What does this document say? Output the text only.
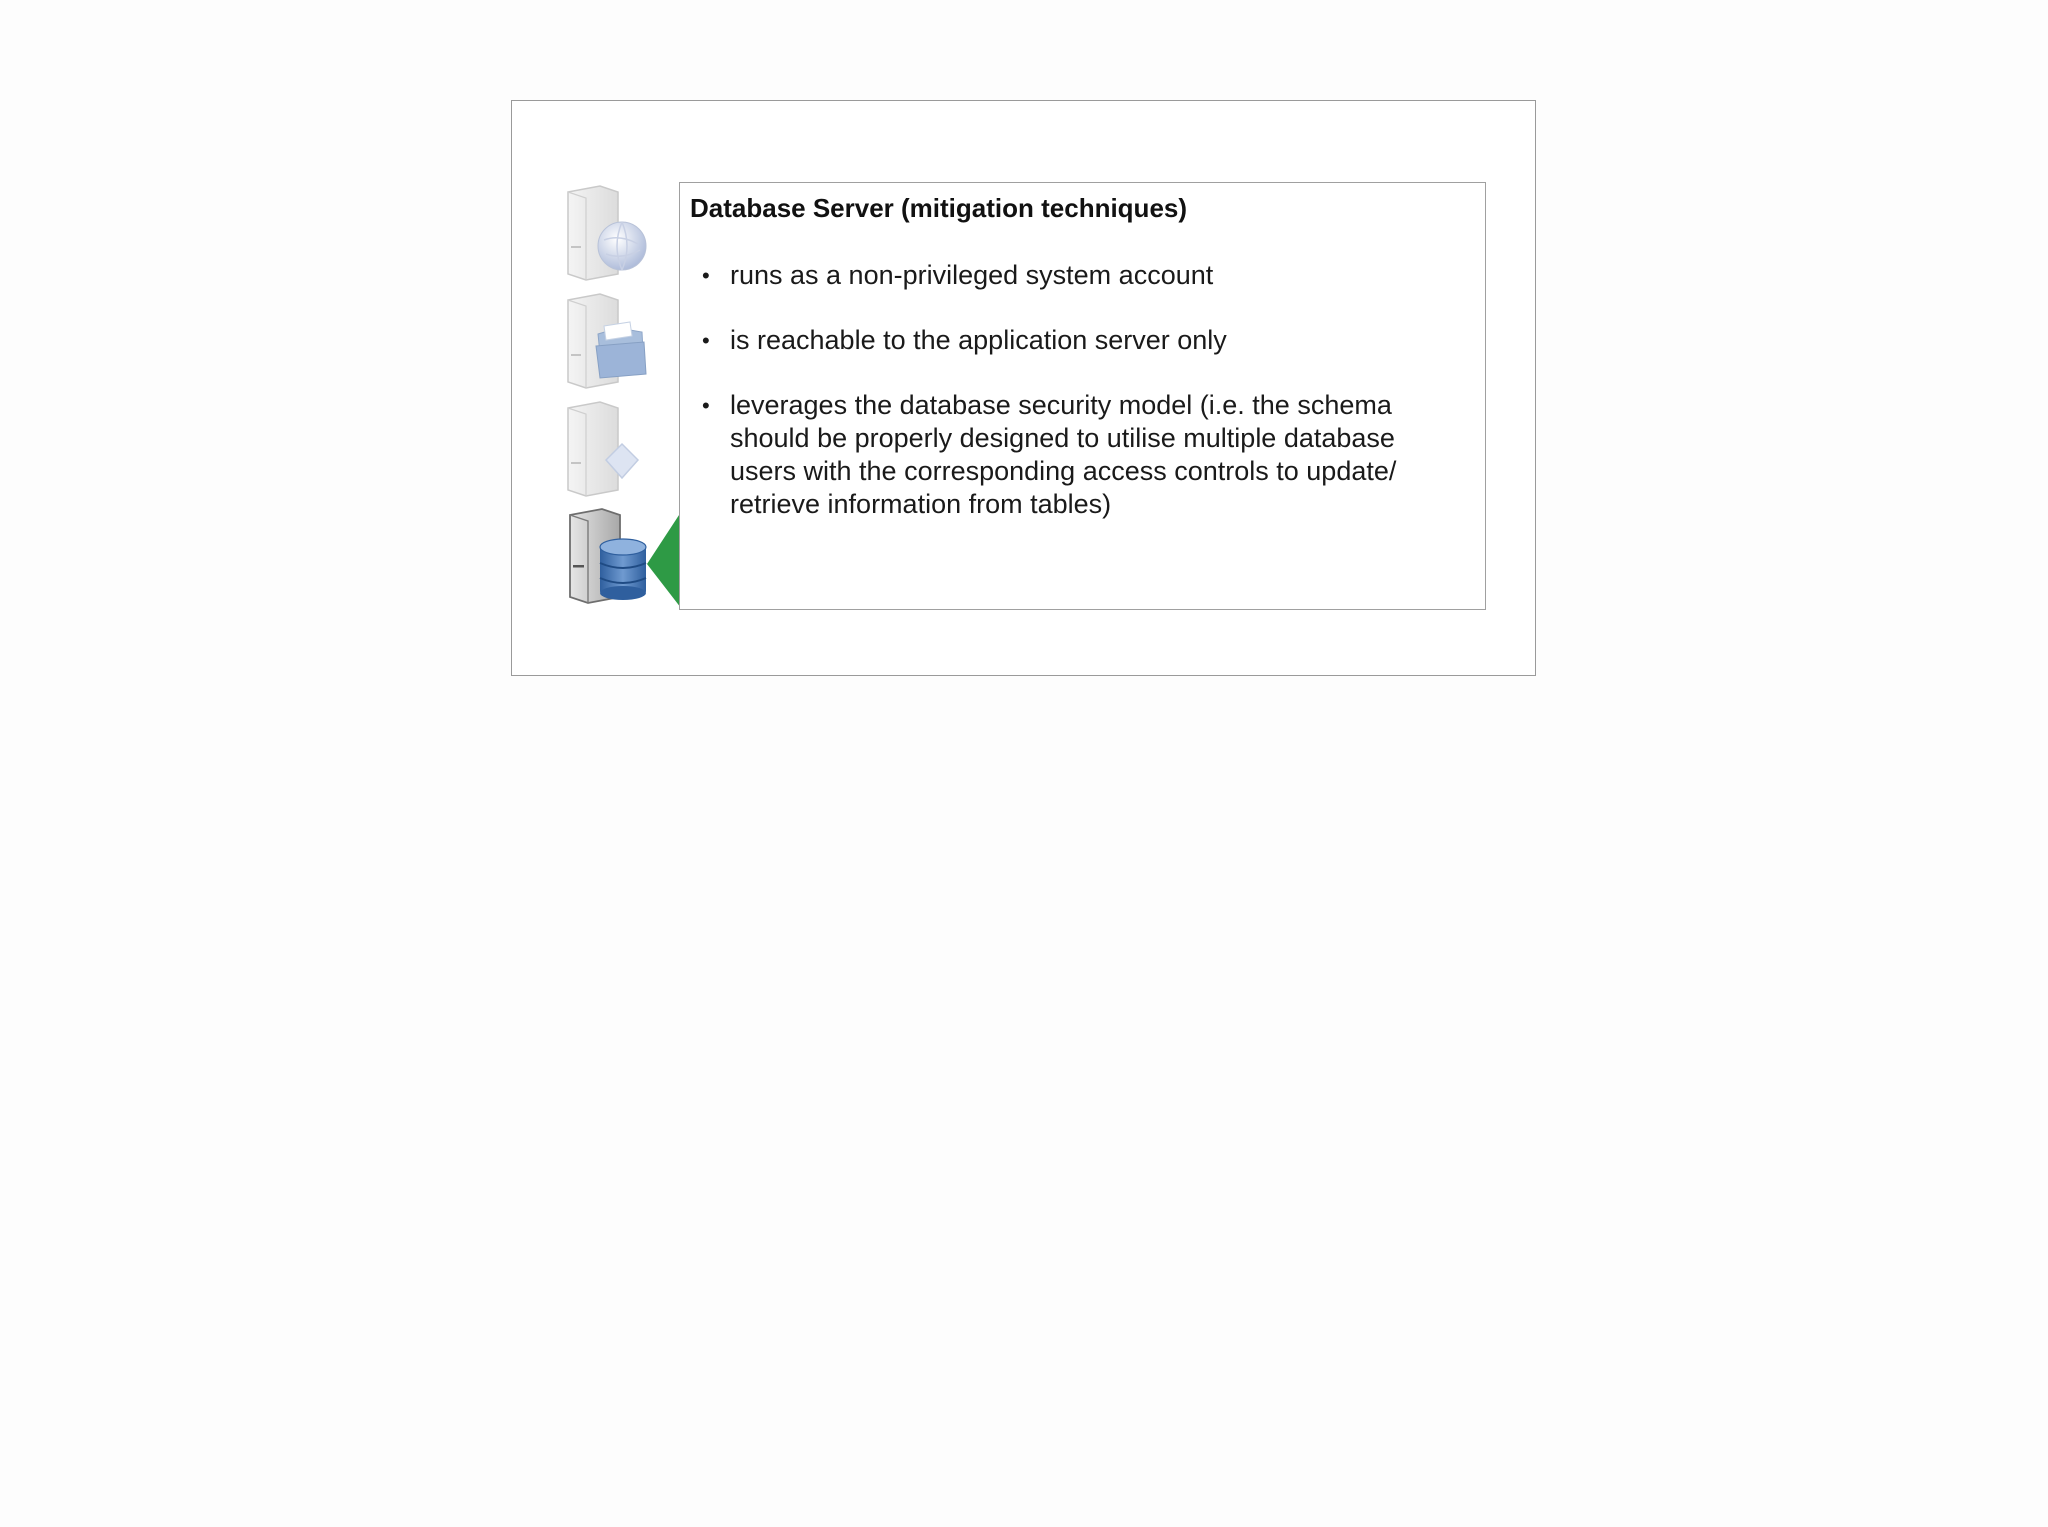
Database Server (mitigation techniques)
• runs as a non-privileged system account
• is reachable to the application server only
• leverages the database security model (i.e. the schema should be properly designed to utilise multiple database users with the corresponding access controls to update/ retrieve information from tables)
